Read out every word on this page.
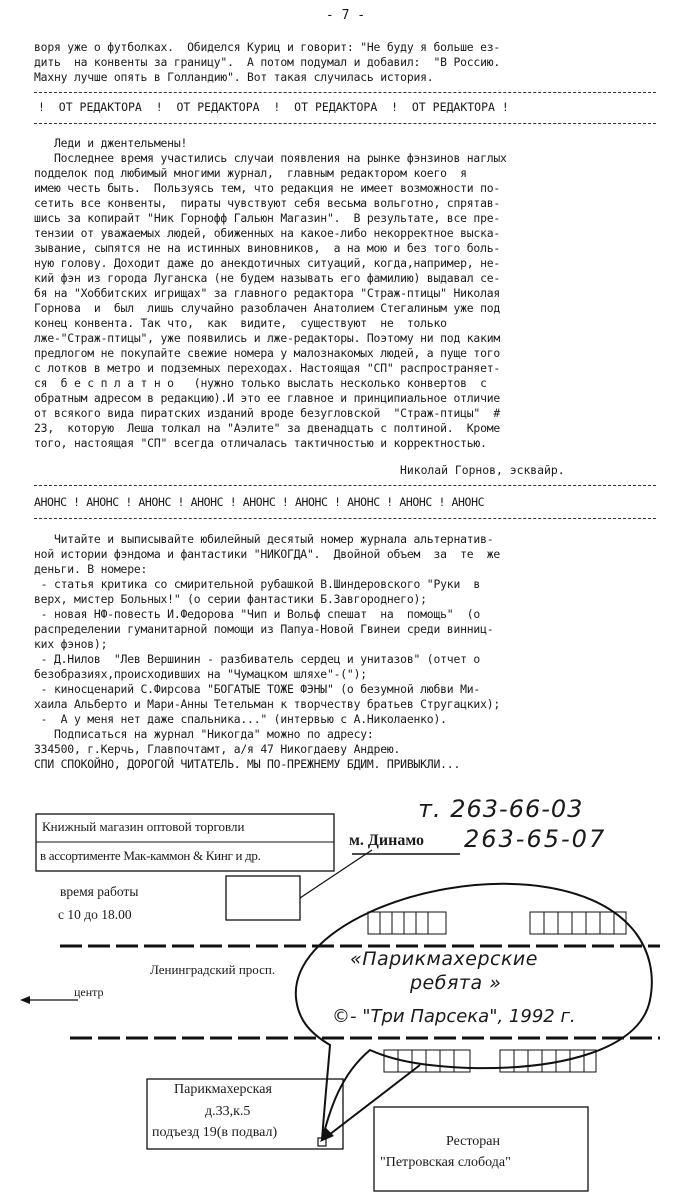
- 7 -
воря уже о футболках.  Обиделся Куриц и говорит: "Не буду я больше ез-
дить  на конвенты за границу".  А потом подумал и добавил:  "В Россию.
Махну лучше опять в Голландию". Вот такая случилась история.
!  ОТ РЕДАКТОРА  !  ОТ РЕДАКТОРА  !  ОТ РЕДАКТОРА  !  ОТ РЕДАКТОРА !
Леди и джентельмены!
Последнее время участились случаи появления на рынке фэнзинов наглых
подделок под любимый многими журнал,  главным редактором коего  я
имею честь быть.  Пользуясь тем, что редакция не имеет возможности по-
сетить все конвенты,  пираты чувствуют себя весьма вольготно, спрятав-
шись за копирайт "Ник Горнофф Гальюн Магазин".  В результате, все пре-
тензии от уважаемых людей, обиженных на какое-либо некорректное выска-
зывание, сыпятся не на истинных виновников,  а на мою и без того боль-
ную голову. Доходит даже до анекдотичных ситуаций, когда,например, не-
кий фэн из города Луганска (не будем называть его фамилию) выдавал се-
бя на "Хоббитских игрищах" за главного редактора "Страж-птицы" Николая
Горнова  и  был  лишь случайно разоблачен Анатолием Стегалиным уже под
конец конвента. Так что,  как  видите,  существуют  не  только
лже-"Страж-птицы", уже появились и лже-редакторы. Поэтому ни под каким
предлогом не покупайте свежие номера у малознакомых людей, а пуще того
с лотков в метро и подземных переходах. Настоящая "СП" распространяет-
ся  б е с п л а т н о   (нужно только выслать несколько конвертов  с
обратным адресом в редакцию).И это ее главное и принципиальное отличие
от всякого вида пиратских изданий вроде безугловской  "Страж-птицы"  #
23,  которую  Леша толкал на "Аэлите" за двенадцать с полтиной.  Кроме
того, настоящая "СП" всегда отличалась тактичностью и корректностью.
Николай Горнов, эсквайр.
АНОНС ! АНОНС ! АНОНС ! АНОНС ! АНОНС ! АНОНС ! АНОНС ! АНОНС ! АНОНС
Читайте и выписывайте юбилейный десятый номер журнала альтернатив-
ной истории фэндома и фантастики "НИКОГДА".  Двойной объем  за  те  же
деньги. В номере:
- статья критика со смирительной рубашкой В.Шиндеровского "Руки  в
верх, мистер Больных!" (о серии фантастики Б.Завгороднего);
- новая НФ-повесть И.Федорова "Чип и Вольф спешат  на  помощь"  (о
распределении гуманитарной помощи из Папуа-Новой Гвинеи среди винниц-
ких фэнов);
- Д.Нилов  "Лев Вершинин - разбиватель сердец и унитазов" (отчет о
безобразиях,происходивших на "Чумацком шляхе"-(");
- киносценарий С.Фирсова "БОГАТЫЕ ТОЖЕ ФЭНЫ" (о безумной любви Ми-
хаила Альберто и Мари-Анны Тетельман к творчеству братьев Стругацких);
-  А у меня нет даже спальника..." (интервью с А.Николаенко).
Подписаться на журнал "Никогда" можно по адресу:
334500, г.Керчь, Главпочтамт, а/я 47 Никогдаеву Андрею.
СПИ СПОКОЙНО, ДОРОГОЙ ЧИТАТЕЛЬ. МЫ ПО-ПРЕЖНЕМУ БДИМ. ПРИВЫКЛИ...
Книжный магазин оптовой торговли
в ассортименте Мак-каммон & Кинг и др.
м. Динамо
т. 263-66-03
263-65-07
время работы
с 10 до 18.00
Ленинградский просп.
центр
«Парикмахерские
ребята »
©- "Три Парсека", 1992 г.
Парикмахерская
д.33,к.5
подъезд 19(в подвал)
Ресторан
"Петровская слобода"
